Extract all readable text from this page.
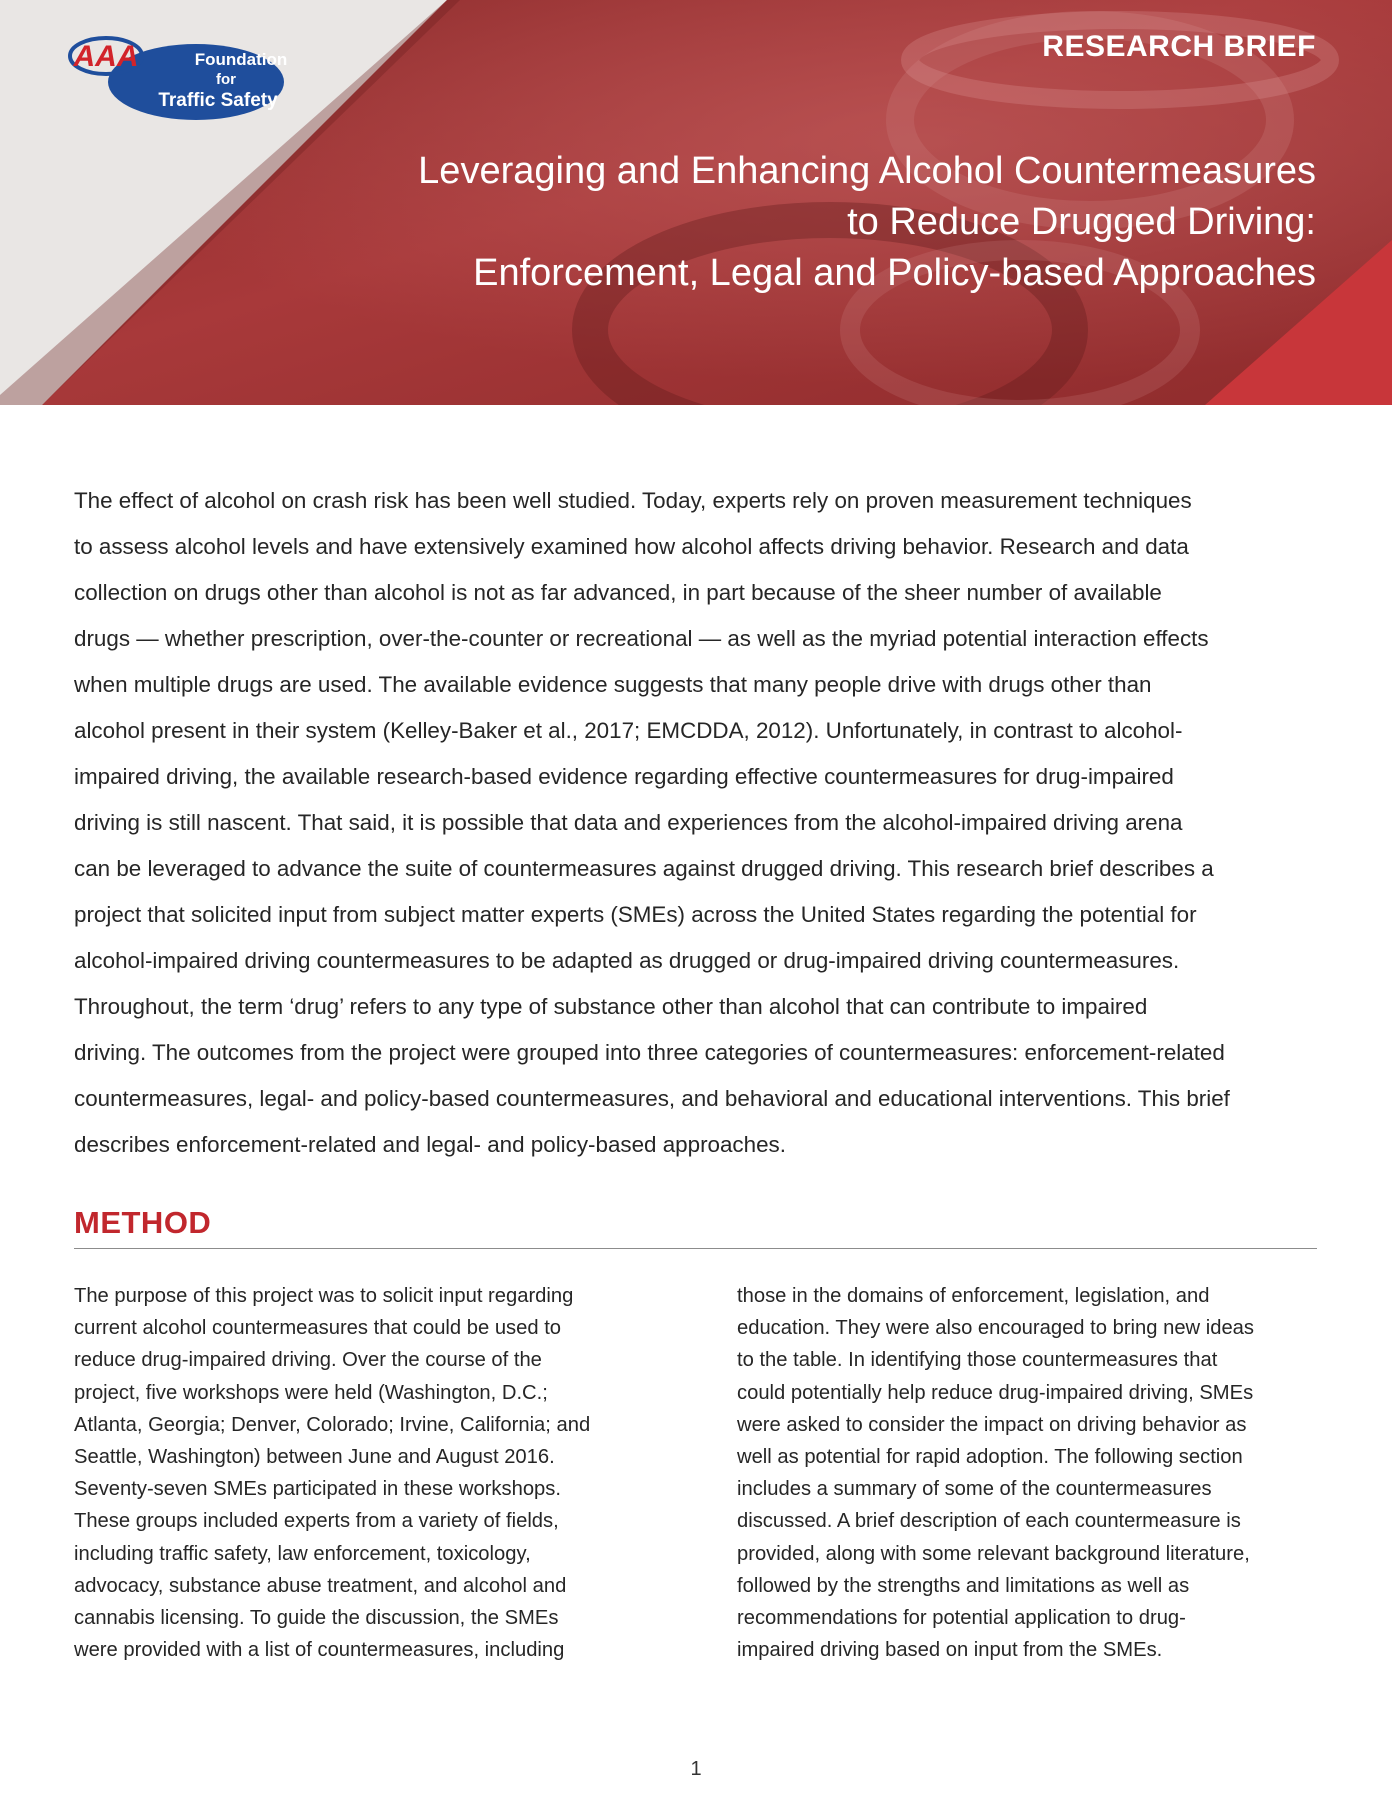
AAA	Foundation
for
Traffic Safety
RESEARCH BRIEF
Leveraging and Enhancing Alcohol Countermeasures
to Reduce Drugged Driving:
Enforcement, Legal and Policy-based Approaches
The effect of alcohol on crash risk has been well studied. Today, experts rely on proven measurement techniques
to assess alcohol levels and have extensively examined how alcohol affects driving behavior. Research and data
collection on drugs other than alcohol is not as far advanced, in part because of the sheer number of available
drugs — whether prescription, over-the-counter or recreational — as well as the myriad potential interaction effects
when multiple drugs are used. The available evidence suggests that many people drive with drugs other than
alcohol present in their system (Kelley-Baker et al., 2017; EMCDDA, 2012). Unfortunately, in contrast to alcohol-
impaired driving, the available research-based evidence regarding effective countermeasures for drug-impaired
driving is still nascent. That said, it is possible that data and experiences from the alcohol-impaired driving arena
can be leveraged to advance the suite of countermeasures against drugged driving. This research brief describes a
project that solicited input from subject matter experts (SMEs) across the United States regarding the potential for
alcohol-impaired driving countermeasures to be adapted as drugged or drug-impaired driving countermeasures.
Throughout, the term ‘drug’ refers to any type of substance other than alcohol that can contribute to impaired
driving. The outcomes from the project were grouped into three categories of countermeasures: enforcement-related
countermeasures, legal- and policy-based countermeasures, and behavioral and educational interventions. This brief
describes enforcement-related and legal- and policy-based approaches.
METHOD
The purpose of this project was to solicit input regarding
current alcohol countermeasures that could be used to
reduce drug-impaired driving. Over the course of the
project, five workshops were held (Washington, D.C.;
Atlanta, Georgia; Denver, Colorado; Irvine, California; and
Seattle, Washington) between June and August 2016.
Seventy-seven SMEs participated in these workshops.
These groups included experts from a variety of fields,
including traffic safety, law enforcement, toxicology,
advocacy, substance abuse treatment, and alcohol and
cannabis licensing. To guide the discussion, the SMEs
were provided with a list of countermeasures, including
those in the domains of enforcement, legislation, and
education. They were also encouraged to bring new ideas
to the table. In identifying those countermeasures that
could potentially help reduce drug-impaired driving, SMEs
were asked to consider the impact on driving behavior as
well as potential for rapid adoption. The following section
includes a summary of some of the countermeasures
discussed. A brief description of each countermeasure is
provided, along with some relevant background literature,
followed by the strengths and limitations as well as
recommendations for potential application to drug-
impaired driving based on input from the SMEs.
1
